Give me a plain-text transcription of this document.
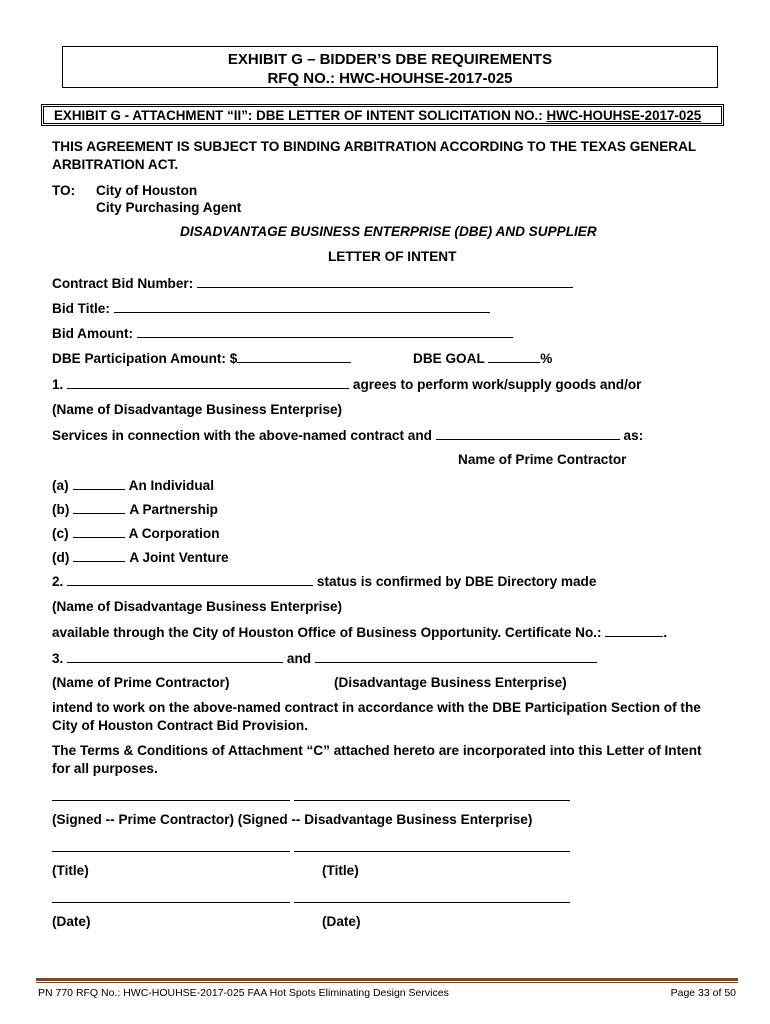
EXHIBIT G – BIDDER’S DBE REQUIREMENTS
RFQ NO.: HWC-HOUHSE-2017-025
EXHIBIT G - ATTACHMENT “II”: DBE LETTER OF INTENT SOLICITATION NO.: HWC-HOUHSE-2017-025
THIS AGREEMENT IS SUBJECT TO BINDING ARBITRATION ACCORDING TO THE TEXAS GENERAL
ARBITRATION ACT.
TO: City of Houston
City Purchasing Agent
DISADVANTAGE BUSINESS ENTERPRISE (DBE) AND SUPPLIER
LETTER OF INTENT
Contract Bid Number:
Bid Title:
Bid Amount:
DBE Participation Amount: $	DBE GOAL	%
1.	agrees to perform work/supply goods and/or
(Name of Disadvantage Business Enterprise)
Services in connection with the above-named contract and	as:
Name of Prime Contractor
(a)	An Individual
(b)	A Partnership
(c)	A Corporation
(d)	A Joint Venture
2.	status is confirmed by DBE Directory made
(Name of Disadvantage Business Enterprise)
available through the City of Houston Office of Business Opportunity. Certificate No.:	.
3.	and
(Name of Prime Contractor)	(Disadvantage Business Enterprise)
intend to work on the above-named contract in accordance with the DBE Participation Section of the
City of Houston Contract Bid Provision.
The Terms & Conditions of Attachment “C” attached hereto are incorporated into this Letter of Intent
for all purposes.
(Signed -- Prime Contractor) (Signed -- Disadvantage Business Enterprise)
(Title)	(Title)
(Date)	(Date)
PN 770 RFQ No.: HWC-HOUHSE-2017-025 FAA Hot Spots Eliminating Design Services	Page 33 of 50
